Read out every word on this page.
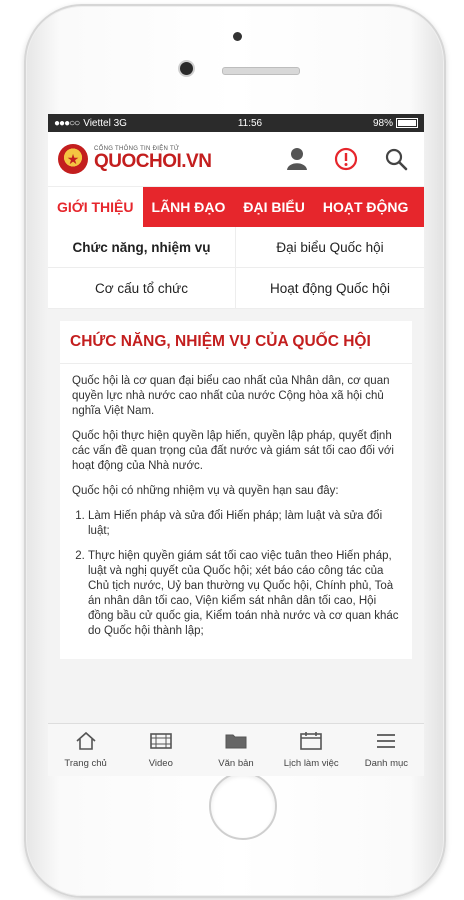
●●●○○ Viettel 3G	11:56	98%
★
CỔNG THÔNG TIN ĐIỆN TỬ
QUOCHOI.VN
GIỚI THIỆU	LÃNH ĐẠO	ĐẠI BIỂU	HOẠT ĐỘNG
Chức năng, nhiệm vụ	Đại biểu Quốc hội
Cơ cấu tổ chức	Hoạt động Quốc hội
CHỨC NĂNG, NHIỆM VỤ CỦA QUỐC HỘI

Quốc hội là cơ quan đại biểu cao nhất của Nhân dân, cơ quan quyền lực nhà nước cao nhất của nước Cộng hòa xã hội chủ nghĩa Việt Nam.

Quốc hội thực hiện quyền lập hiến, quyền lập pháp, quyết định các vấn đề quan trọng của đất nước và giám sát tối cao đối với hoạt động của Nhà nước.

Quốc hội có những nhiệm vụ và quyền hạn sau đây:

1. Làm Hiến pháp và sửa đổi Hiến pháp; làm luật và sửa đổi luật;
2. Thực hiện quyền giám sát tối cao việc tuân theo Hiến pháp, luật và nghị quyết của Quốc hội; xét báo cáo công tác của Chủ tịch nước, Uỷ ban thường vụ Quốc hội, Chính phủ, Toà án nhân dân tối cao, Viện kiểm sát nhân dân tối cao, Hội đồng bầu cử quốc gia, Kiểm toán nhà nước và cơ quan khác do Quốc hội thành lập;
Trang chủ	Video	Văn bản	Lịch làm việc	Danh mục
